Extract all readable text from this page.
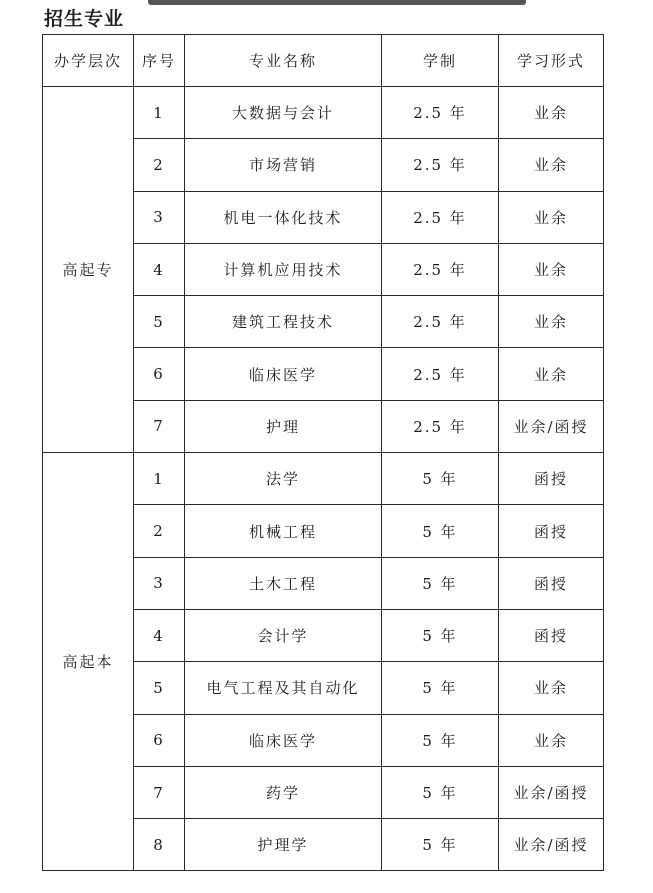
招生专业
办学层次	序号	专业名称	学制	学习形式
高起专	1	大数据与会计	2.5 年	业余
	2	市场营销	2.5 年	业余
	3	机电一体化技术	2.5 年	业余
	4	计算机应用技术	2.5 年	业余
	5	建筑工程技术	2.5 年	业余
	6	临床医学	2.5 年	业余
	7	护理	2.5 年	业余/函授
高起本	1	法学	5 年	函授
	2	机械工程	5 年	函授
	3	土木工程	5 年	函授
	4	会计学	5 年	函授
	5	电气工程及其自动化	5 年	业余
	6	临床医学	5 年	业余
	7	药学	5 年	业余/函授
	8	护理学	5 年	业余/函授
